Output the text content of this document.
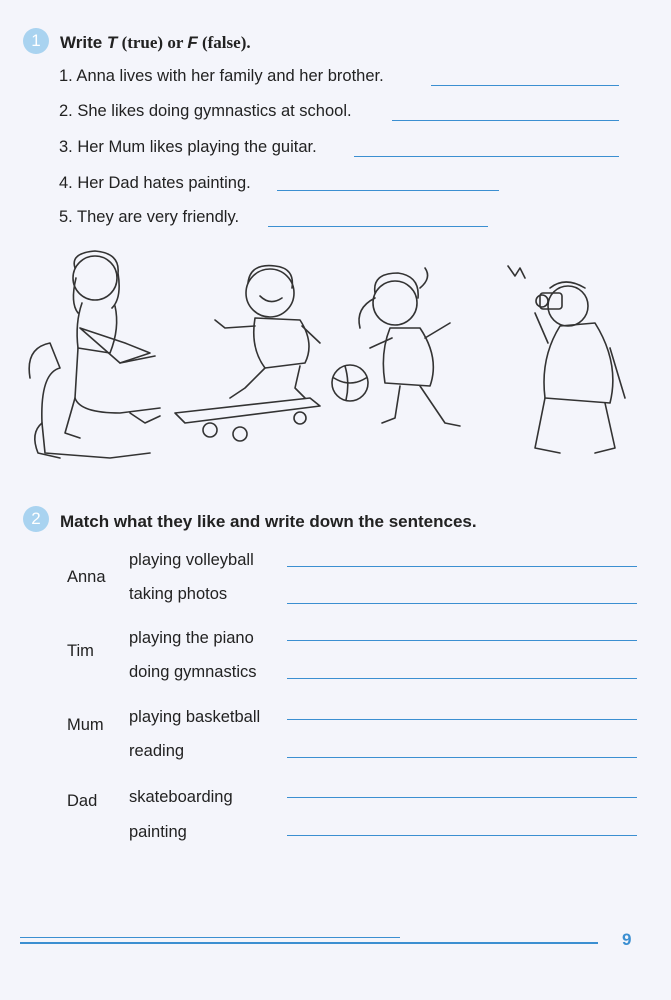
1	Write T (true) or F (false).
1. Anna lives with her family and her brother.
2. She likes doing gymnastics at school.
3. Her Mum likes playing the guitar.
4. Her Dad hates painting.
5. They are very friendly.
2	Match what they like and write down the sentences.
Anna
Tim
Mum
Dad
playing volleyball
taking photos
playing the piano
doing gymnastics
playing basketball
reading
skateboarding
painting
9
